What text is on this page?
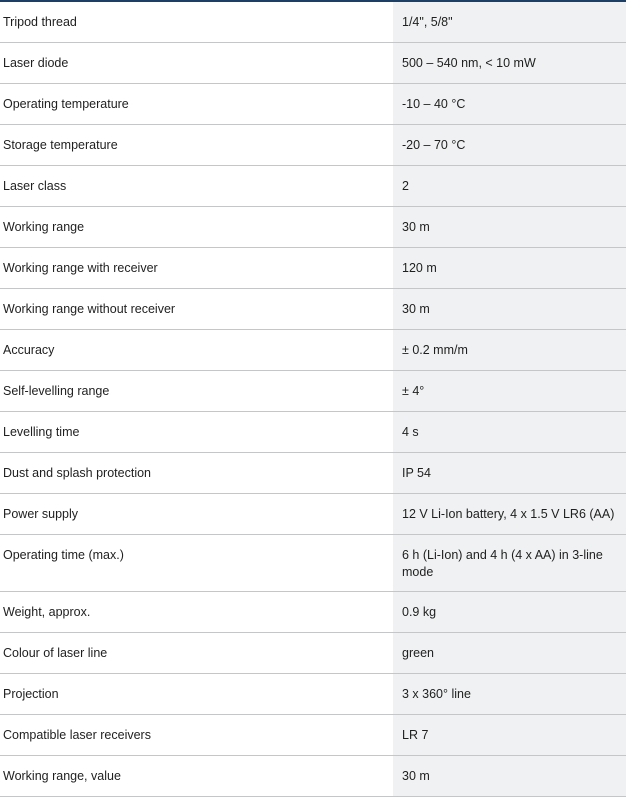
Tripod thread	1/4", 5/8"
Laser diode	500 – 540 nm, < 10 mW
Operating temperature	-10 – 40 °C
Storage temperature	-20 – 70 °C
Laser class	2
Working range	30 m
Working range with receiver	120 m
Working range without receiver	30 m
Accuracy	± 0.2 mm/m
Self-levelling range	± 4°
Levelling time	4 s
Dust and splash protection	IP 54
Power supply	12 V Li-Ion battery, 4 x 1.5 V LR6 (AA)
Operating time (max.)	6 h (Li-Ion) and 4 h (4 x AA) in 3-line mode
Weight, approx.	0.9 kg
Colour of laser line	green
Projection	3 x 360° line
Compatible laser receivers	LR 7
Working range, value	30 m
